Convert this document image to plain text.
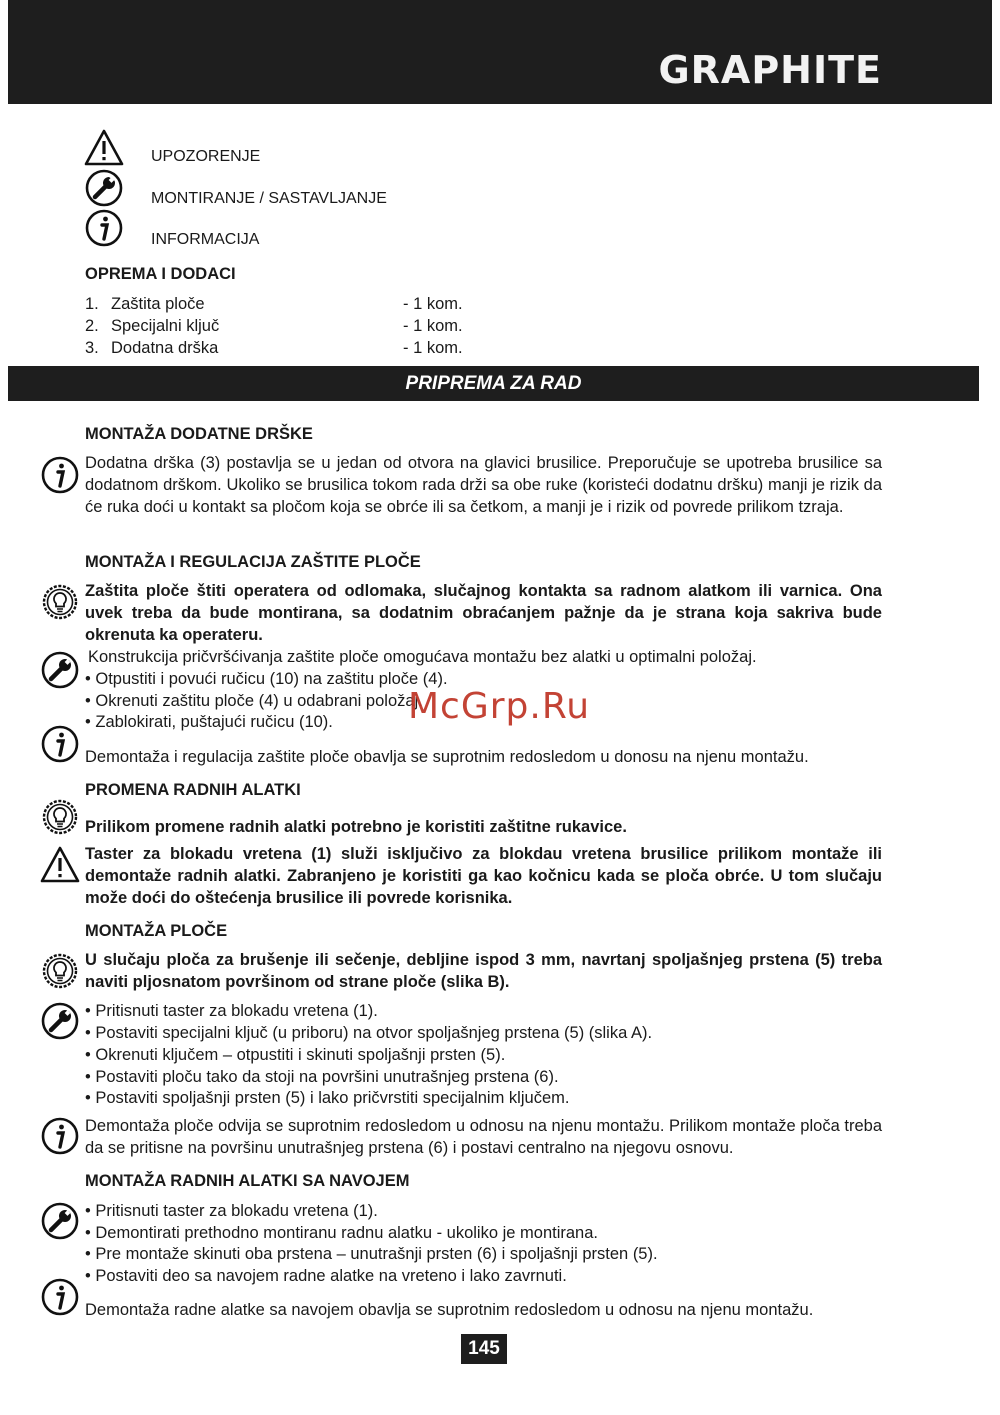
GRAPHITE
UPOZORENJE
MONTIRANJE / SASTAVLJANJE
INFORMACIJA
OPREMA I DODACI
1. Zaštita ploče	- 1 kom.
2. Specijalni ključ	- 1 kom.
3. Dodatna drška	- 1 kom.
PRIPREMA ZA RAD
MONTAŽA DODATNE DRŠKE
Dodatna drška (3) postavlja se u jedan od otvora na glavici brusilice. Preporučuje se upotreba brusilice sa dodatnom drškom. Ukoliko se brusilica tokom rada drži sa obe ruke (koristeći dodatnu dršku) manji je rizik da će ruka doći u kontakt sa pločom koja se obrće ili sa četkom, a manji je i rizik od povrede prilikom tzraja.
MONTAŽA I REGULACIJA ZAŠTITE PLOČE
Zaštita ploče štiti operatera od odlomaka, slučajnog kontakta sa radnom alatkom ili varnica. Ona uvek treba da bude montirana, sa dodatnim obraćanjem pažnje da je strana koja sakriva bude okrenuta ka operateru.
Konstrukcija pričvršćivanja zaštite ploče omogućava montažu bez alatki u optimalni položaj.
• Otpustiti i povući ručicu (10) na zaštitu ploče (4).
• Okrenuti zaštitu ploče (4) u odabrani položaj.
• Zablokirati, puštajući ručicu (10).
Demontaža i regulacija zaštite ploče obavlja se suprotnim redosledom u donosu na njenu montažu.
PROMENA RADNIH ALATKI
Prilikom promene radnih alatki potrebno je koristiti zaštitne rukavice.
Taster za blokadu vretena (1) služi isključivo za blokdau vretena brusilice prilikom montaže ili demontaže radnih alatki. Zabranjeno je koristiti ga kao kočnicu kada se ploča obrće. U tom slučaju može doći do oštećenja brusilice ili povrede korisnika.
MONTAŽA PLOČE
U slučaju ploča za brušenje ili sečenje, debljine ispod 3 mm, navrtanj spoljašnjeg prstena (5) treba naviti pljosnatom površinom od strane ploče (slika B).
• Pritisnuti taster za blokadu vretena (1).
• Postaviti specijalni ključ (u priboru) na otvor spoljašnjeg prstena (5) (slika A).
• Okrenuti ključem – otpustiti i skinuti spoljašnji prsten (5).
• Postaviti ploču tako da stoji na površini unutrašnjeg prstena (6).
• Postaviti spoljašnji prsten (5) i lako pričvrstiti specijalnim ključem.
Demontaža ploče odvija se suprotnim redosledom u odnosu na njenu montažu. Prilikom montaže ploča treba da se pritisne na površinu unutrašnjeg prstena (6) i postavi centralno na njegovu osnovu.
MONTAŽA RADNIH ALATKI SA NAVOJEM
• Pritisnuti taster za blokadu vretena (1).
• Demontirati prethodno montiranu radnu alatku - ukoliko je montirana.
• Pre montaže skinuti oba prstena – unutrašnji prsten (6) i spoljašnji prsten (5).
• Postaviti deo sa navojem radne alatke na vreteno i lako zavrnuti.
Demontaža radne alatke sa navojem obavlja se suprotnim redosledom u odnosu na njenu montažu.
McGrp.Ru
145
